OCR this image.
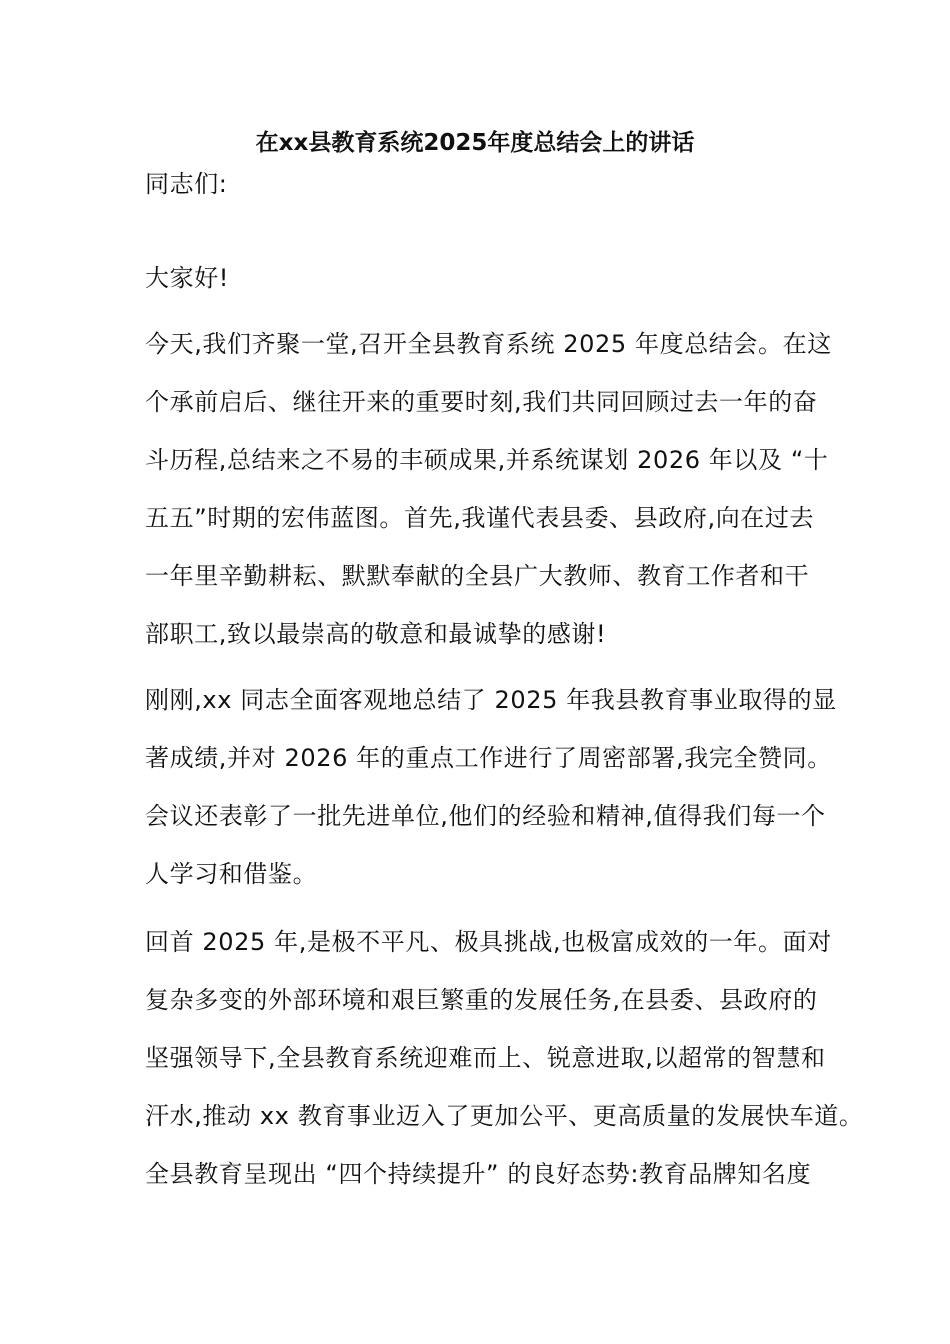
在xx县教育系统2025年度总结会上的讲话
同志们:
大家好!
今天,我们齐聚一堂,召开全县教育系统 2025 年度总结会。在这
个承前启后、继往开来的重要时刻,我们共同回顾过去一年的奋
斗历程,总结来之不易的丰硕成果,并系统谋划 2026 年以及 “十
五五”时期的宏伟蓝图。首先,我谨代表县委、县政府,向在过去
一年里辛勤耕耘、默默奉献的全县广大教师、教育工作者和干
部职工,致以最崇高的敬意和最诚挚的感谢!
刚刚,xx 同志全面客观地总结了 2025 年我县教育事业取得的显
著成绩,并对 2026 年的重点工作进行了周密部署,我完全赞同。
会议还表彰了一批先进单位,他们的经验和精神,值得我们每一个
人学习和借鉴。
回首 2025 年,是极不平凡、极具挑战,也极富成效的一年。面对
复杂多变的外部环境和艰巨繁重的发展任务,在县委、县政府的
坚强领导下,全县教育系统迎难而上、锐意进取,以超常的智慧和
汗水,推动 xx 教育事业迈入了更加公平、更高质量的发展快车道。
全县教育呈现出 “四个持续提升” 的良好态势:教育品牌知名度
